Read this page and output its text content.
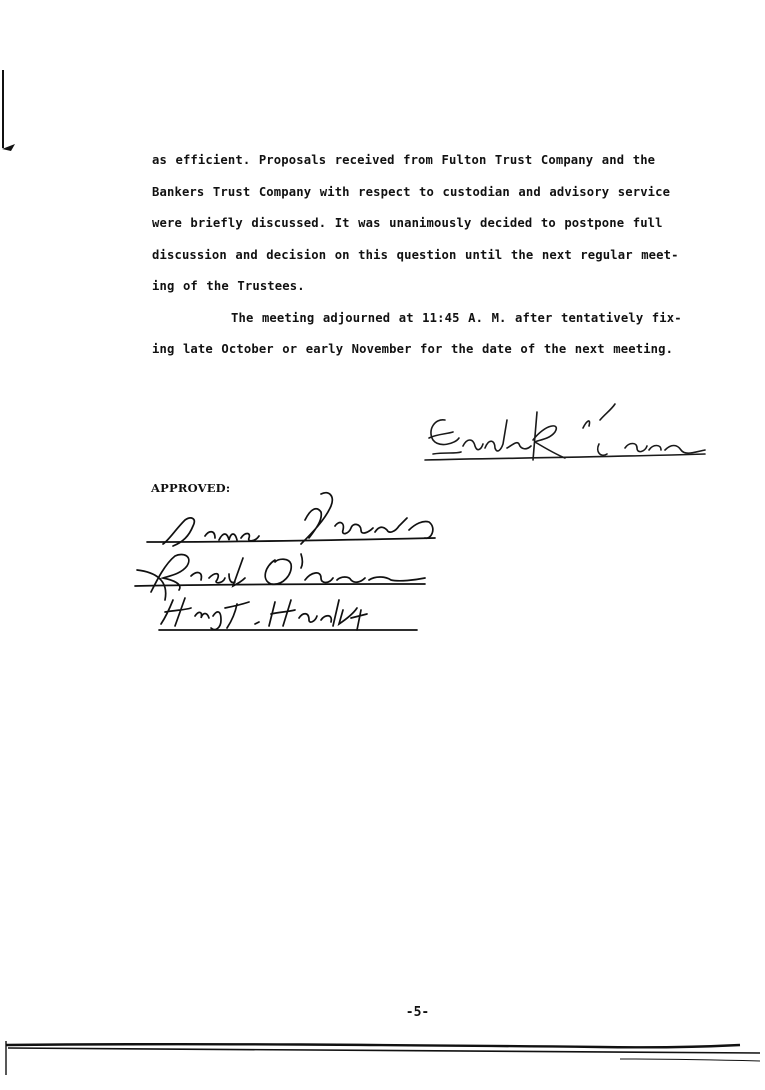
as efficient. Proposals received from Fulton Trust Company and the
Bankers Trust Company with respect to custodian and advisory service
were briefly discussed. It was unanimously decided to postpone full
discussion and decision on this question until the next regular meet-
ing of the Trustees.

The meeting adjourned at 11:45 A. M. after tentatively fix-
ing late October or early November for the date of the next meeting.

APPROVED:
-5-
